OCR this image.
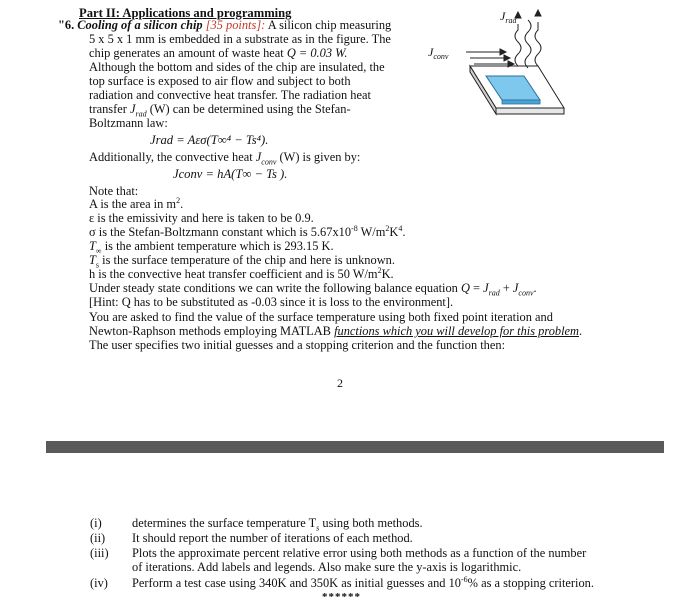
Part II: Applications and programming
"6. Cooling of a silicon chip [35 points]: A silicon chip measuring
5 x 5 x 1 mm is embedded in a substrate as in the figure. The
chip generates an amount of waste heat Q = 0.03 W.
Although the bottom and sides of the chip are insulated, the
top surface is exposed to air flow and subject to both
radiation and convective heat transfer. The radiation heat
transfer $J_{rad}$ (W) can be determined using the Stefan-
Boltzmann law:
Jrad = Aεσ(T∞⁴ − Ts⁴).
Additionally, the convective heat $J_{conv}$ (W) is given by:
Jconv = hA(T∞ − Ts ).
Note that:
A is the area in $m^2$.
ε is the emissivity and here is taken to be 0.9.
σ is the Stefan-Boltzmann constant which is $5.67x10^{-8}$ $W/m^2K^4$.
$T_\infty$ is the ambient temperature which is 293.15 K.
$T_s$ is the surface temperature of the chip and here is unknown.
h is the convective heat transfer coefficient and is 50 $W/m^2K$.
Under steady state conditions we can write the following balance equation $Q = J_{rad} + J_{conv}$.
[Hint: Q has to be substituted as -0.03 since it is loss to the environment].
You are asked to find the value of the surface temperature using both fixed point iteration and
Newton-Raphson methods employing MATLAB functions which you will develop for this problem.
The user specifies two initial guesses and a stopping criterion and the function then:
2
(i) determines the surface temperature $T_s$ using both methods.
(ii) It should report the number of iterations of each method.
(iii) Plots the approximate percent relative error using both methods as a function of the number
of iterations. Add labels and legends. Also make sure the y-axis is logarithmic.
(iv) Perform a test case using 340K and 350K as initial guesses and $10^{-6}\%$ as a stopping criterion.
******
$J_{rad}$
$J_{conv}$
